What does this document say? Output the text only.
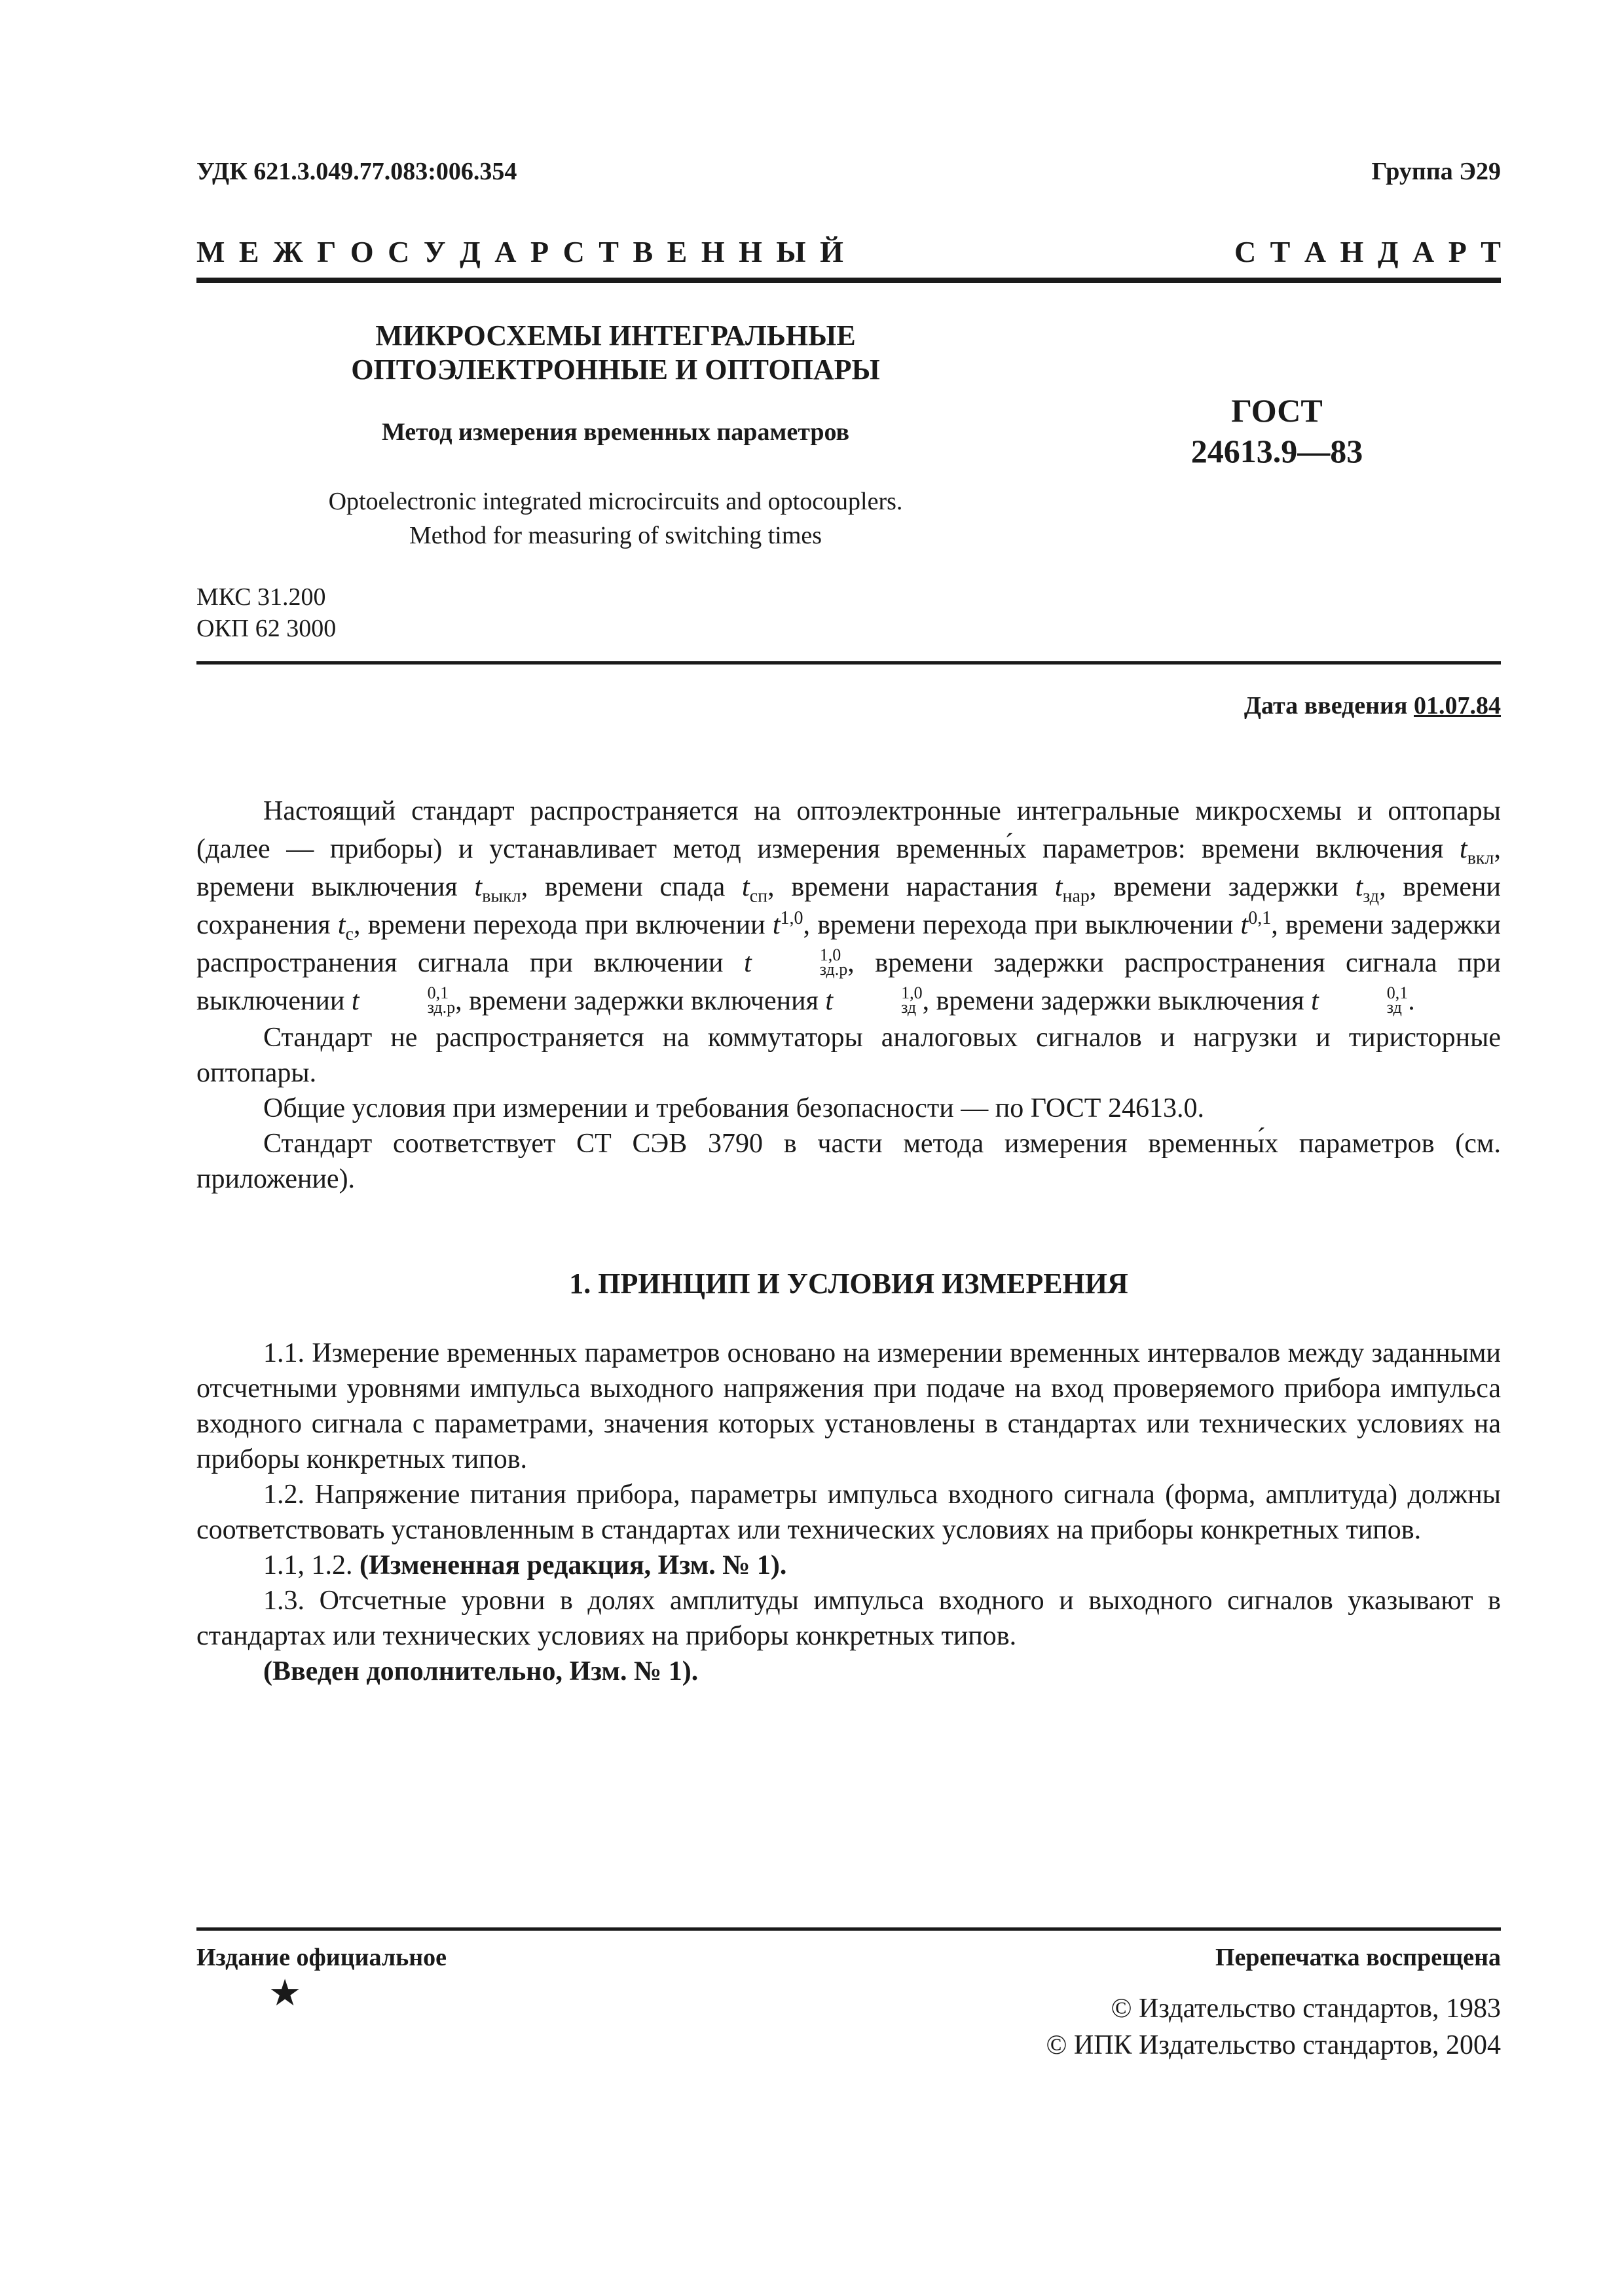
УДК 621.3.049.77.083:006.354	Группа Э29
М Е Ж Г О С У Д А Р С Т В Е Н Н Ы Й	С Т А Н Д А Р Т
МИКРОСХЕМЫ ИНТЕГРАЛЬНЫЕ
ОПТОЭЛЕКТРОННЫЕ И ОПТОПАРЫ
Метод измерения временных параметров
Optoelectronic integrated microcircuits and optocouplers.
Method for measuring of switching times
ГОСТ
24613.9—83
МКС 31.200
ОКП 62 3000
Дата введения 01.07.84

Настоящий стандарт распространяется на оптоэлектронные интегральные микросхемы и оптопары (далее — приборы) и устанавливает метод измерения временны́х параметров: времени включения $t_{вкл}$, времени выключения $t_{выкл}$, времени спада $t_{сп}$, времени нарастания $t_{нар}$, времени задержки $t_{зд}$, времени сохранения $t_с$, времени перехода при включении $t^{1,0}$, времени перехода при выключении $t^{0,1}$, времени задержки распространения сигнала при включении t	1,0
зд.р , времени задержки распространения сигнала при выключении t	0,1
зд.р , времени задержки включения t	1,0
зд , времени задержки выключения t	0,1
зд .

Стандарт не распространяется на коммутаторы аналоговых сигналов и нагрузки и тиристорные оптопары.

Общие условия при измерении и требования безопасности — по ГОСТ 24613.0.

Стандарт соответствует СТ СЭВ 3790 в части метода измерения временны́х параметров (см. приложение).

1. ПРИНЦИП И УСЛОВИЯ ИЗМЕРЕНИЯ

1.1. Измерение временных параметров основано на измерении временных интервалов между заданными отсчетными уровнями импульса выходного напряжения при подаче на вход проверяемого прибора импульса входного сигнала с параметрами, значения которых установлены в стандартах или технических условиях на приборы конкретных типов.

1.2. Напряжение питания прибора, параметры импульса входного сигнала (форма, амплитуда) должны соответствовать установленным в стандартах или технических условиях на приборы конкретных типов.

1.1, 1.2. (Измененная редакция, Изм. № 1).

1.3. Отсчетные уровни в долях амплитуды импульса входного и выходного сигналов указывают в стандартах или технических условиях на приборы конкретных типов.

(Введен дополнительно, Изм. № 1).

Издание официальное	Перепечатка воспрещена
★	© Издательство стандартов, 1983
© ИПК Издательство стандартов, 2004
